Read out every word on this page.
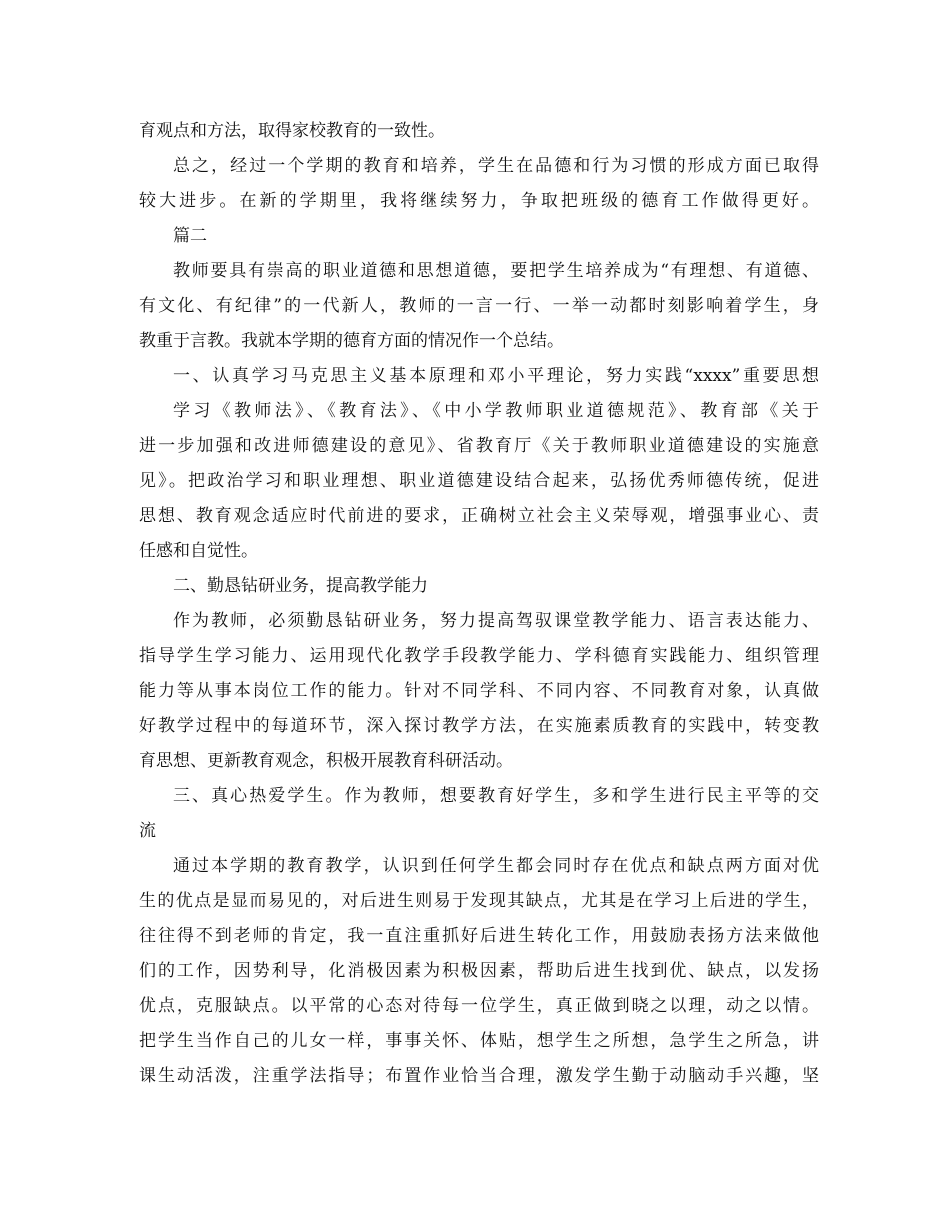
育观点和方法，取得家校教育的一致性。
总之，经过一个学期的教育和培养，学生在品德和行为习惯的形成方面已取得
较大进步。在新的学期里，我将继续努力，争取把班级的德育工作做得更好。
篇二
教师要具有崇高的职业道德和思想道德，要把学生培养成为“有理想、有道德、
有文化、有纪律”的一代新人，教师的一言一行、一举一动都时刻影响着学生，身
教重于言教。我就本学期的德育方面的情况作一个总结。
一、认真学习马克思主义基本原理和邓小平理论，努力实践“xxxx”重要思想
学习《教师法》、《教育法》、《中小学教师职业道德规范》、教育部《关于
进一步加强和改进师德建设的意见》、省教育厅《关于教师职业道德建设的实施意
见》。把政治学习和职业理想、职业道德建设结合起来，弘扬优秀师德传统，促进
思想、教育观念适应时代前进的要求，正确树立社会主义荣辱观，增强事业心、责
任感和自觉性。
二、勤恳钻研业务，提高教学能力
作为教师，必须勤恳钻研业务，努力提高驾驭课堂教学能力、语言表达能力、
指导学生学习能力、运用现代化教学手段教学能力、学科德育实践能力、组织管理
能力等从事本岗位工作的能力。针对不同学科、不同内容、不同教育对象，认真做
好教学过程中的每道环节，深入探讨教学方法，在实施素质教育的实践中，转变教
育思想、更新教育观念，积极开展教育科研活动。
三、真心热爱学生。作为教师，想要教育好学生，多和学生进行民主平等的交
流
通过本学期的教育教学，认识到任何学生都会同时存在优点和缺点两方面对优
生的优点是显而易见的，对后进生则易于发现其缺点，尤其是在学习上后进的学生，
往往得不到老师的肯定，我一直注重抓好后进生转化工作，用鼓励表扬方法来做他
们的工作，因势利导，化消极因素为积极因素，帮助后进生找到优、缺点，以发扬
优点，克服缺点。以平常的心态对待每一位学生，真正做到晓之以理，动之以情。
把学生当作自己的儿女一样，事事关怀、体贴，想学生之所想，急学生之所急，讲
课生动活泼，注重学法指导；布置作业恰当合理，激发学生勤于动脑动手兴趣，坚
